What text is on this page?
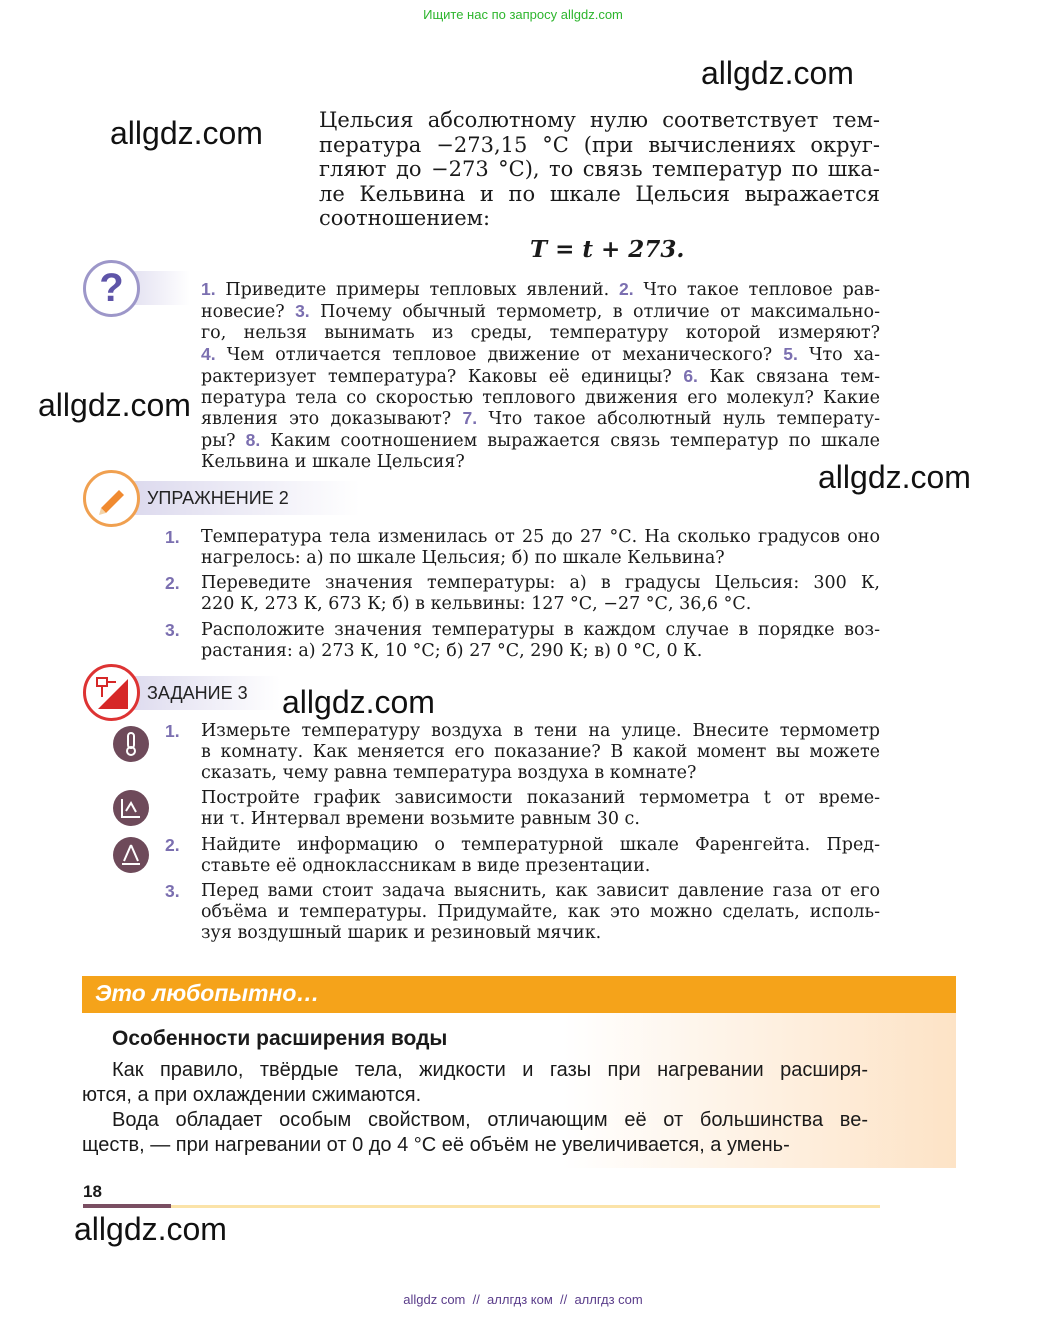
Ищите нас по запросу allgdz.com
allgdz.com
allgdz.com
allgdz.com
allgdz.com
allgdz.com
allgdz.com
Цельсия абсолютному нулю соответствует тем-
пература −273,15 °С (при вычислениях округ-
гляют до −273 °С), то связь температур по шка-
ле Кельвина и по шкале Цельсия выражается
соотношением:
T = t + 273.
?	1. Приведите примеры тепловых явлений. 2. Что такое тепловое рав-
новесие? 3. Почему обычный термометр, в отличие от максимально-
го, нельзя вынимать из среды, температуру которой измеряют?
4. Чем отличается тепловое движение от механического? 5. Что ха-
рактеризует температура? Каковы её единицы? 6. Как связана тем-
пература тела со скоростью теплового движения его молекул? Какие
явления это доказывают? 7. Что такое абсолютный нуль температу-
ры? 8. Каким соотношением выражается связь температур по шкале
Кельвина и шкале Цельсия?
УПРАЖНЕНИЕ 2
1. Температура тела изменилась от 25 до 27 °С. На сколько градусов оно
нагрелось: а) по шкале Цельсия; б) по шкале Кельвина?
2. Переведите значения температуры: а) в градусы Цельсия: 300 К,
220 К, 273 К, 673 К; б) в кельвины: 127 °С, −27 °С, 36,6 °С.
3. Расположите значения температуры в каждом случае в порядке воз-
растания: а) 273 К, 10 °С; б) 27 °С, 290 К; в) 0 °С, 0 К.
ЗАДАНИЕ 3
1. Измерьте температуру воздуха в тени на улице. Внесите термометр
в комнату. Как меняется его показание? В какой момент вы можете
сказать, чему равна температура воздуха в комнате?
Постройте график зависимости показаний термометра t от време-
ни τ. Интервал времени возьмите равным 30 с.
2. Найдите информацию о температурной шкале Фаренгейта. Пред-
ставьте её одноклассникам в виде презентации.
3. Перед вами стоит задача выяснить, как зависит давление газа от его
объёма и температуры. Придумайте, как это можно сделать, исполь-
зуя воздушный шарик и резиновый мячик.
Это любопытно…
Особенности расширения воды
Как правило, твёрдые тела, жидкости и газы при нагревании расширя-
ются, а при охлаждении сжимаются.
Вода обладает особым свойством, отличающим её от большинства ве-
ществ, — при нагревании от 0 до 4 °С её объём не увеличивается, а умень-
18
allgdz com  //  аллгдз ком  //  аллгдз com
